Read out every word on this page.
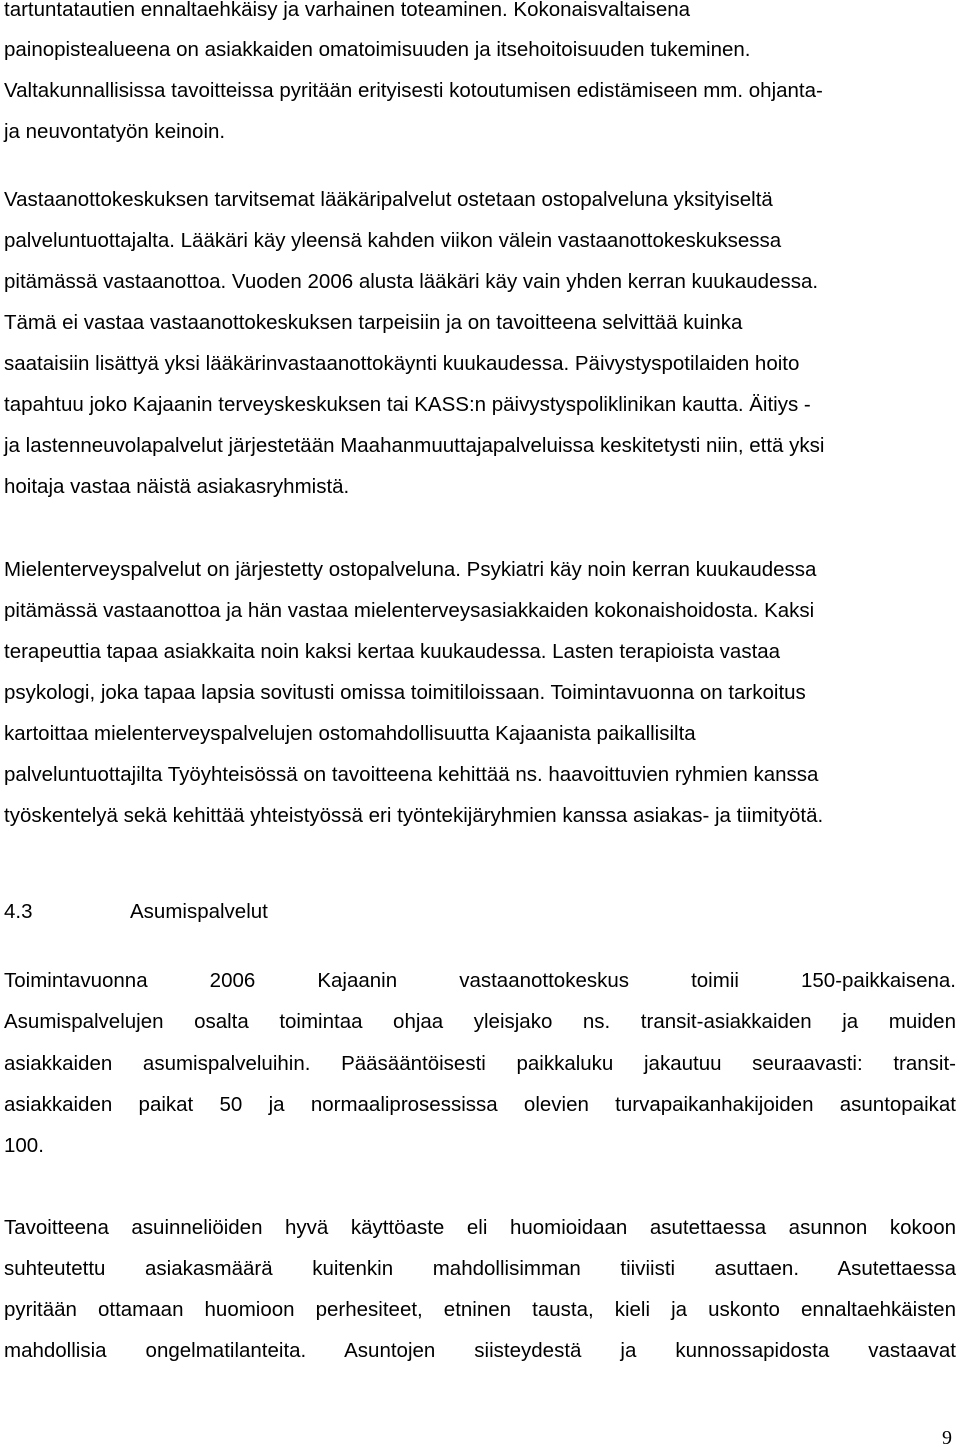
tartuntatautien ennaltaehkäisy ja varhainen toteaminen. Kokonaisvaltaisena
painopistealueena on asiakkaiden omatoimisuuden ja itsehoitoisuuden tukeminen.
Valtakunnallisissa tavoitteissa pyritään erityisesti kotoutumisen edistämiseen mm. ohjanta-
ja neuvontatyön keinoin.
Vastaanottokeskuksen tarvitsemat lääkäripalvelut ostetaan ostopalveluna yksityiseltä
palveluntuottajalta. Lääkäri käy yleensä kahden viikon välein vastaanottokeskuksessa
pitämässä vastaanottoa. Vuoden 2006 alusta lääkäri käy vain yhden kerran kuukaudessa.
Tämä ei vastaa vastaanottokeskuksen tarpeisiin ja on tavoitteena selvittää kuinka
saataisiin lisättyä yksi lääkärinvastaanottokäynti kuukaudessa. Päivystyspotilaiden hoito
tapahtuu joko Kajaanin terveyskeskuksen tai KASS:n päivystyspoliklinikan kautta. Äitiys -
ja lastenneuvolapalvelut järjestetään Maahanmuuttajapalveluissa keskitetysti niin, että yksi
hoitaja vastaa näistä asiakasryhmistä.
Mielenterveyspalvelut on järjestetty ostopalveluna. Psykiatri käy noin kerran kuukaudessa
pitämässä vastaanottoa ja hän vastaa mielenterveysasiakkaiden kokonaishoidosta. Kaksi
terapeuttia tapaa asiakkaita noin kaksi kertaa kuukaudessa. Lasten terapioista vastaa
psykologi, joka tapaa lapsia sovitusti omissa toimitiloissaan. Toimintavuonna on tarkoitus
kartoittaa mielenterveyspalvelujen ostomahdollisuutta Kajaanista paikallisilta
palveluntuottajilta Työyhteisössä on tavoitteena kehittää ns. haavoittuvien ryhmien kanssa
työskentelyä sekä kehittää yhteistyössä eri työntekijäryhmien kanssa asiakas- ja tiimityötä.
4.3	Asumispalvelut
Toimintavuonna 2006 Kajaanin vastaanottokeskus toimii 150-paikkaisena.
Asumispalvelujen osalta toimintaa ohjaa yleisjako ns. transit-asiakkaiden ja muiden
asiakkaiden asumispalveluihin. Pääsääntöisesti paikkaluku jakautuu seuraavasti: transit-
asiakkaiden paikat 50 ja normaaliprosessissa olevien turvapaikanhakijoiden asuntopaikat
100.
Tavoitteena asuinneliöiden hyvä käyttöaste eli huomioidaan asutettaessa asunnon kokoon
suhteutettu asiakasmäärä kuitenkin mahdollisimman tiiviisti asuttaen. Asutettaessa
pyritään ottamaan huomioon perhesiteet, etninen tausta, kieli ja uskonto ennaltaehkäisten
mahdollisia ongelmatilanteita. Asuntojen siisteydestä ja kunnossapidosta vastaavat
9
